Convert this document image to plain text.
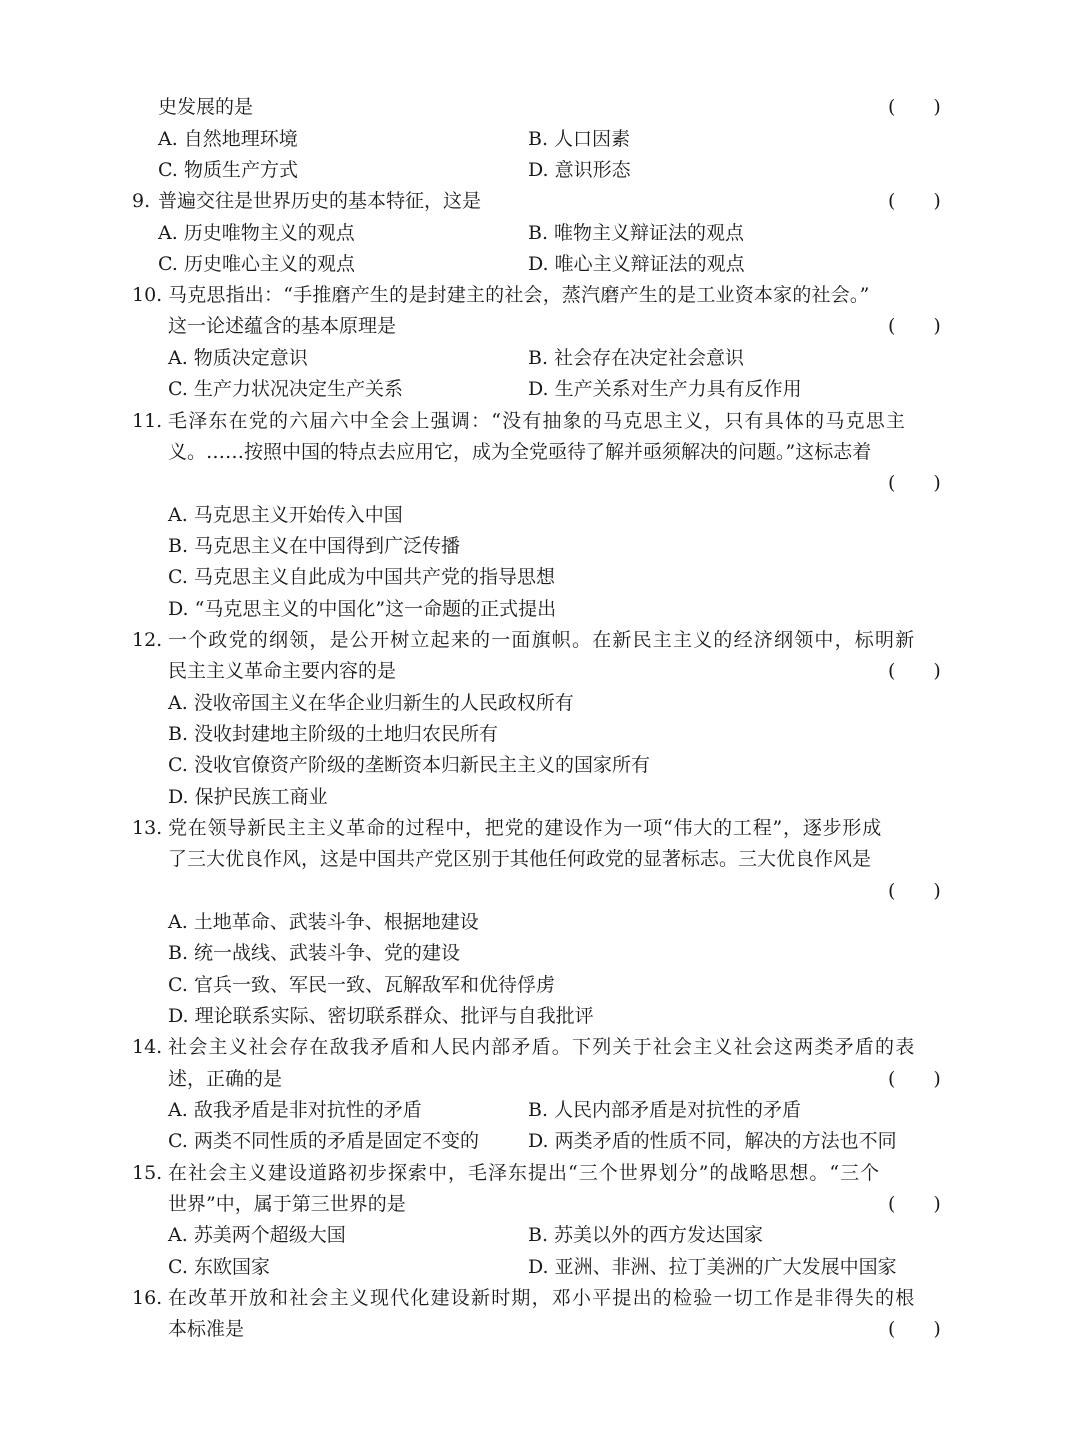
史发展的是	(　　)
A. 自然地理环境	B. 人口因素
C. 物质生产方式	D. 意识形态
9. 普遍交往是世界历史的基本特征，这是	(　　)
A. 历史唯物主义的观点	B. 唯物主义辩证法的观点
C. 历史唯心主义的观点	D. 唯心主义辩证法的观点
10. 马克思指出：“手推磨产生的是封建主的社会，蒸汽磨产生的是工业资本家的社会。”
这一论述蕴含的基本原理是	(　　)
A. 物质决定意识	B. 社会存在决定社会意识
C. 生产力状况决定生产关系	D. 生产关系对生产力具有反作用
11. 毛泽东在党的六届六中全会上强调：“没有抽象的马克思主义，只有具体的马克思主
义。……按照中国的特点去应用它，成为全党亟待了解并亟须解决的问题。”这标志着
(　　)
A. 马克思主义开始传入中国
B. 马克思主义在中国得到广泛传播
C. 马克思主义自此成为中国共产党的指导思想
D. “马克思主义的中国化”这一命题的正式提出
12. 一个政党的纲领，是公开树立起来的一面旗帜。在新民主主义的经济纲领中，标明新
民主主义革命主要内容的是	(　　)
A. 没收帝国主义在华企业归新生的人民政权所有
B. 没收封建地主阶级的土地归农民所有
C. 没收官僚资产阶级的垄断资本归新民主主义的国家所有
D. 保护民族工商业
13. 党在领导新民主主义革命的过程中，把党的建设作为一项“伟大的工程”，逐步形成
了三大优良作风，这是中国共产党区别于其他任何政党的显著标志。三大优良作风是
(　　)
A. 土地革命、武装斗争、根据地建设
B. 统一战线、武装斗争、党的建设
C. 官兵一致、军民一致、瓦解敌军和优待俘虏
D. 理论联系实际、密切联系群众、批评与自我批评
14. 社会主义社会存在敌我矛盾和人民内部矛盾。下列关于社会主义社会这两类矛盾的表
述，正确的是	(　　)
A. 敌我矛盾是非对抗性的矛盾	B. 人民内部矛盾是对抗性的矛盾
C. 两类不同性质的矛盾是固定不变的	D. 两类矛盾的性质不同，解决的方法也不同
15. 在社会主义建设道路初步探索中，毛泽东提出“三个世界划分”的战略思想。“三个
世界”中，属于第三世界的是	(　　)
A. 苏美两个超级大国	B. 苏美以外的西方发达国家
C. 东欧国家	D. 亚洲、非洲、拉丁美洲的广大发展中国家
16. 在改革开放和社会主义现代化建设新时期，邓小平提出的检验一切工作是非得失的根
本标准是	(　　)
